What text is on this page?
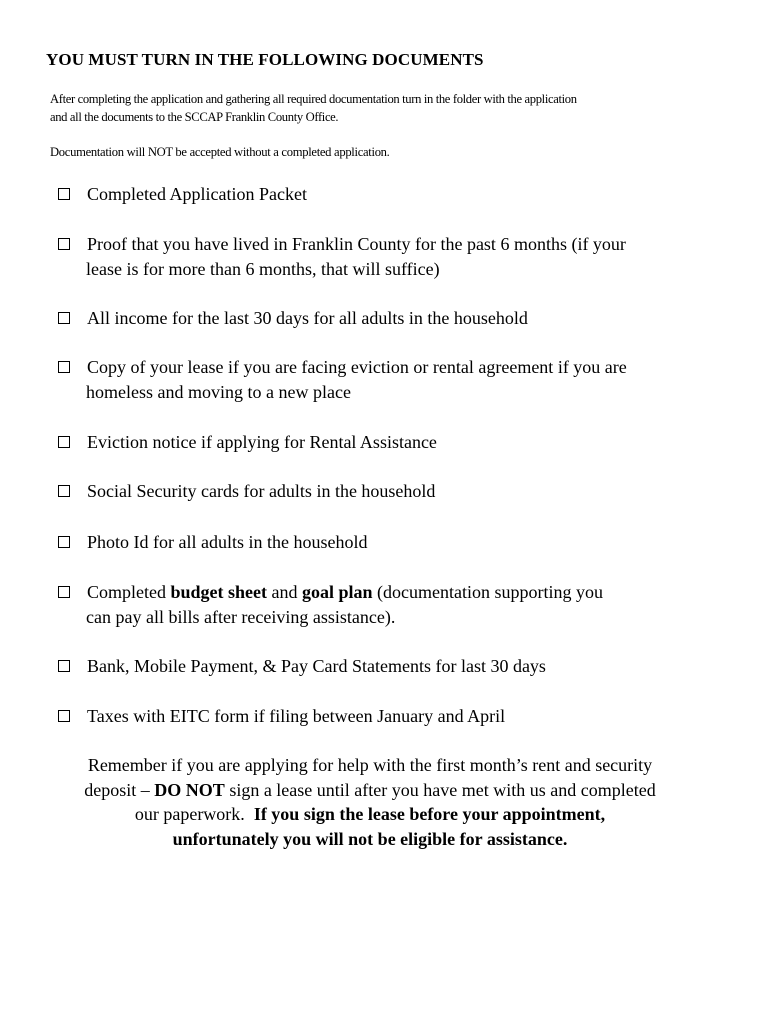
YOU MUST TURN IN THE FOLLOWING DOCUMENTS
After completing the application and gathering all required documentation turn in the folder with the application
and all the documents to the SCCAP Franklin County Office.
Documentation will NOT be accepted without a completed application.
Completed Application Packet
Proof that you have lived in Franklin County for the past 6 months (if your
lease is for more than 6 months, that will suffice)
All income for the last 30 days for all adults in the household
Copy of your lease if you are facing eviction or rental agreement if you are
homeless and moving to a new place
Eviction notice if applying for Rental Assistance
Social Security cards for adults in the household
Photo Id for all adults in the household
Completed budget sheet and goal plan (documentation supporting you
can pay all bills after receiving assistance).
Bank, Mobile Payment, & Pay Card Statements for last 30 days
Taxes with EITC form if filing between January and April
Remember if you are applying for help with the first month’s rent and security
deposit – DO NOT sign a lease until after you have met with us and completed
our paperwork.  If you sign the lease before your appointment,
unfortunately you will not be eligible for assistance.
